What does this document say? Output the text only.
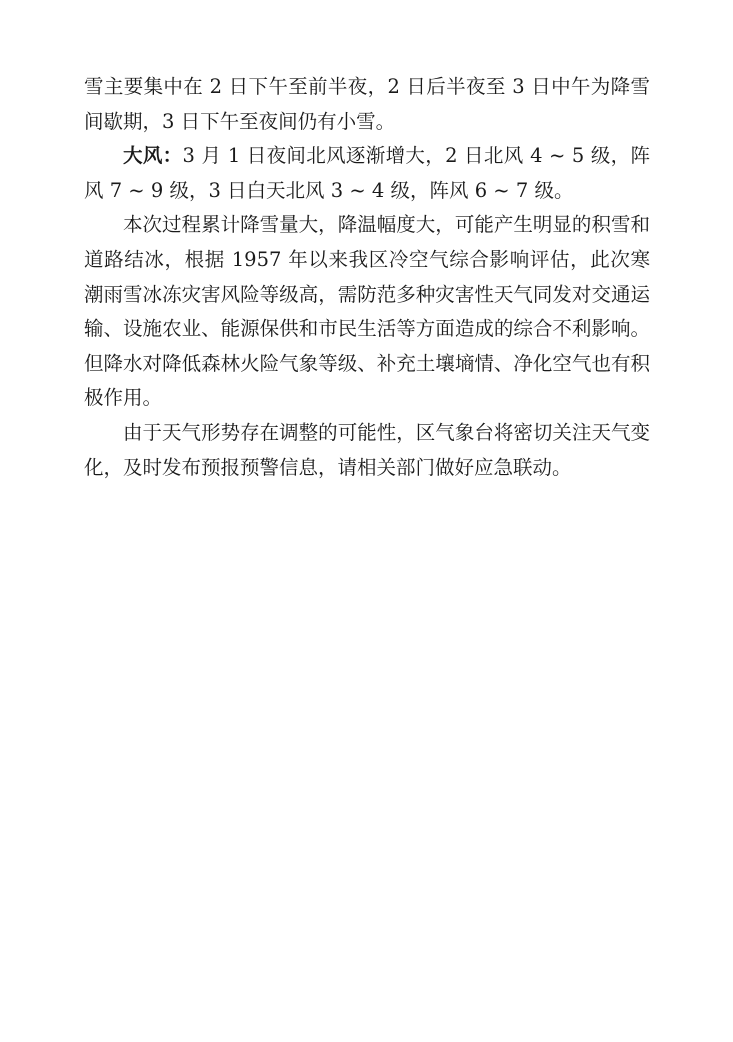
雪主要集中在 2 日下午至前半夜，2 日后半夜至 3 日中午为降雪间歇期，3 日下午至夜间仍有小雪。

大风：3 月 1 日夜间北风逐渐增大，2 日北风 4 ~ 5 级，阵风 7 ~ 9 级，3 日白天北风 3 ~ 4 级，阵风 6 ~ 7 级。

本次过程累计降雪量大，降温幅度大，可能产生明显的积雪和道路结冰，根据 1957 年以来我区冷空气综合影响评估，此次寒潮雨雪冰冻灾害风险等级高，需防范多种灾害性天气同发对交通运输、设施农业、能源保供和市民生活等方面造成的综合不利影响。但降水对降低森林火险气象等级、补充土壤墒情、净化空气也有积极作用。

由于天气形势存在调整的可能性，区气象台将密切关注天气变化，及时发布预报预警信息，请相关部门做好应急联动。
